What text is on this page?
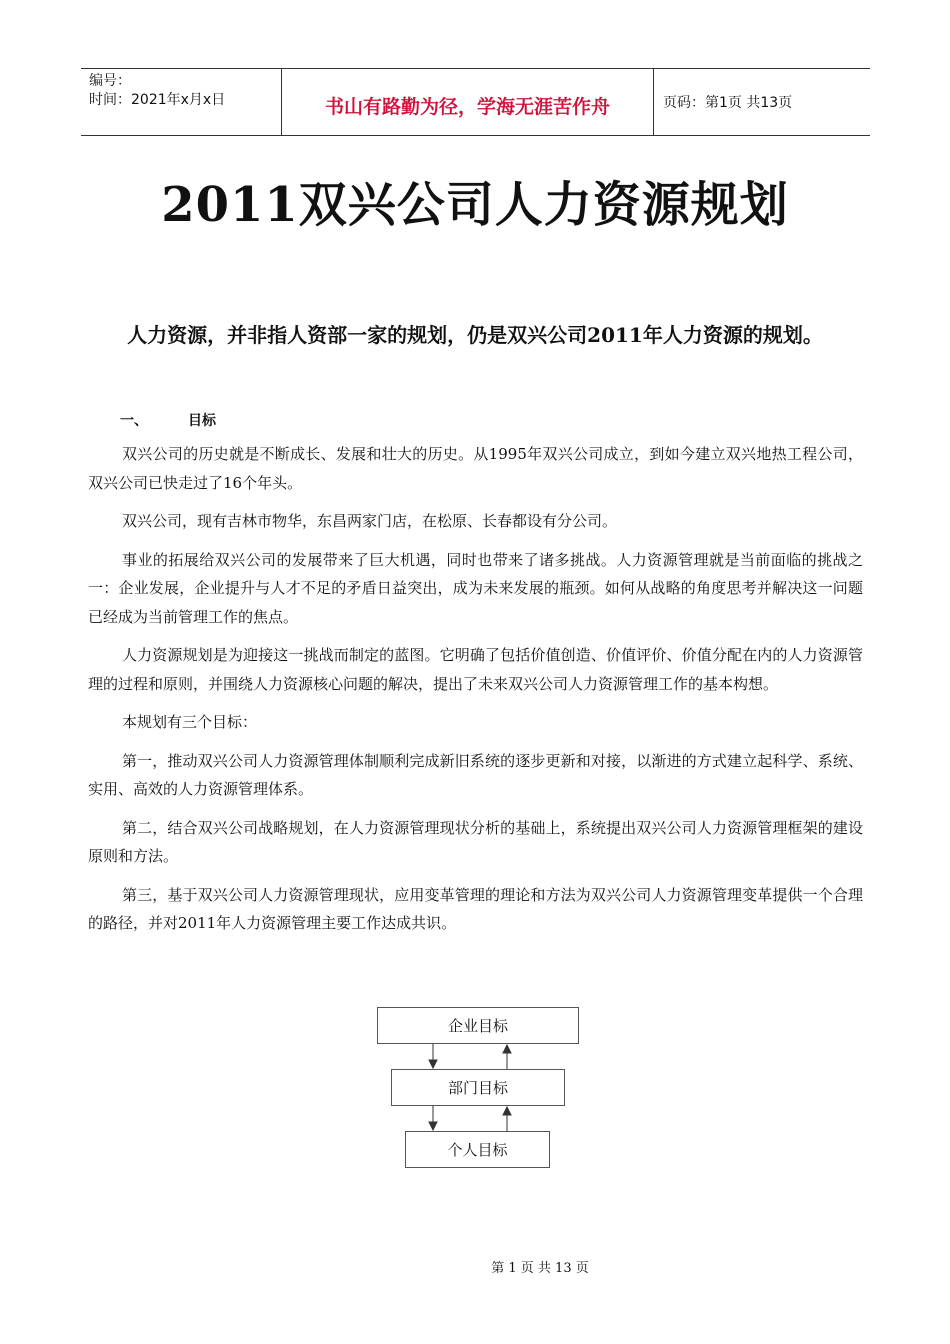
编号：
时间：2021年x月x日	书山有路勤为径，学海无涯苦作舟	页码：第1页 共13页
2011双兴公司人力资源规划
人力资源，并非指人资部一家的规划，仍是双兴公司2011年人力资源的规划。
一、	目标

双兴公司的历史就是不断成长、发展和壮大的历史。从1995年双兴公司成立，到如今建立双兴地热工程公司，双兴公司已快走过了16个年头。

双兴公司，现有吉林市物华，东昌两家门店，在松原、长春都设有分公司。

事业的拓展给双兴公司的发展带来了巨大机遇，同时也带来了诸多挑战。人力资源管理就是当前面临的挑战之一：企业发展，企业提升与人才不足的矛盾日益突出，成为未来发展的瓶颈。如何从战略的角度思考并解决这一问题已经成为当前管理工作的焦点。

人力资源规划是为迎接这一挑战而制定的蓝图。它明确了包括价值创造、价值评价、价值分配在内的人力资源管理的过程和原则，并围绕人力资源核心问题的解决，提出了未来双兴公司人力资源管理工作的基本构想。

本规划有三个目标：

第一，推动双兴公司人力资源管理体制顺利完成新旧系统的逐步更新和对接，以渐进的方式建立起科学、系统、实用、高效的人力资源管理体系。

第二，结合双兴公司战略规划，在人力资源管理现状分析的基础上，系统提出双兴公司人力资源管理框架的建设原则和方法。

第三，基于双兴公司人力资源管理现状，应用变革管理的理论和方法为双兴公司人力资源管理变革提供一个合理的路径，并对2011年人力资源管理主要工作达成共识。

企业目标
部门目标
个人目标
第 1 页 共 13 页
